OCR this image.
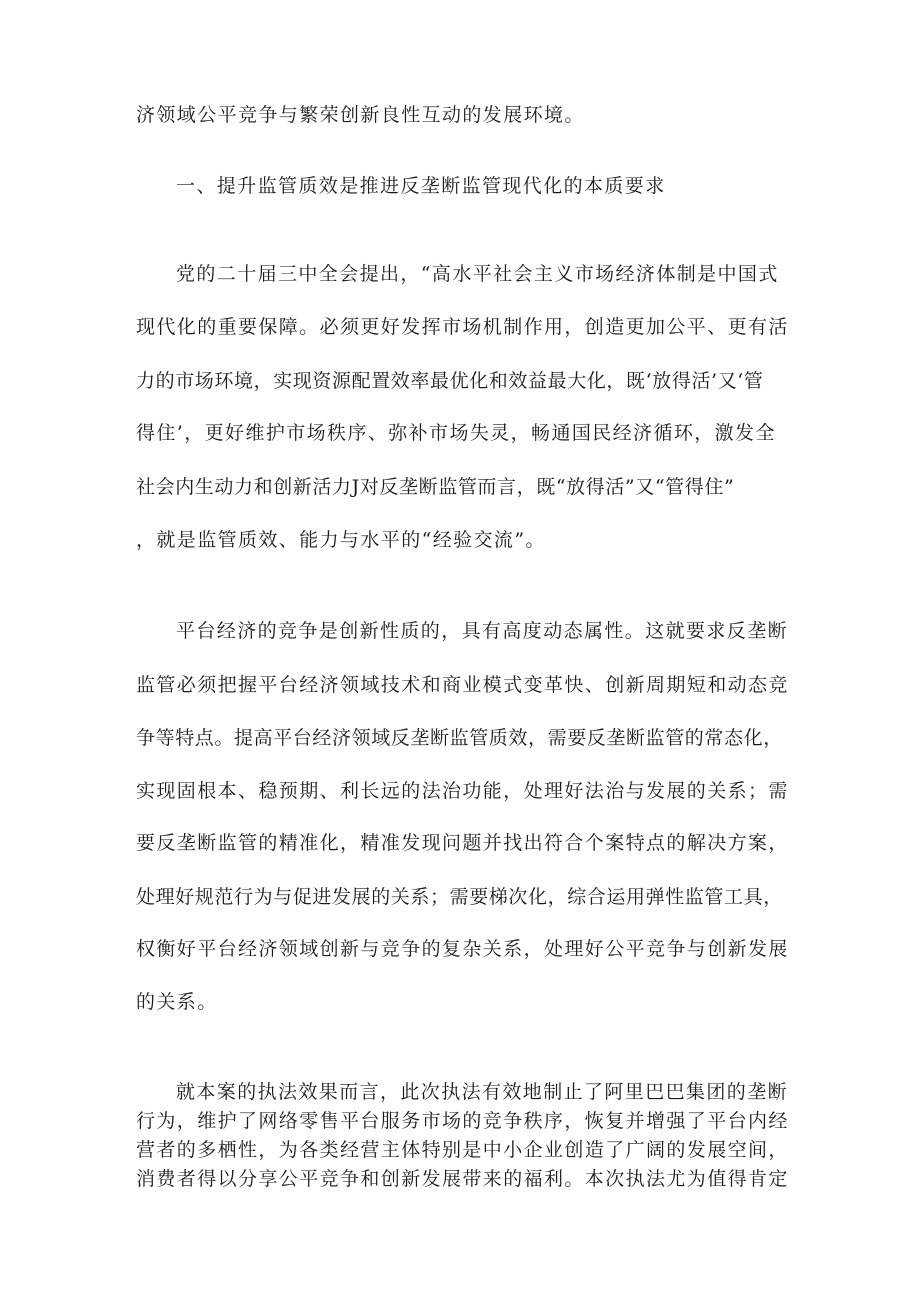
济领域公平竞争与繁荣创新良性互动的发展环境。
一、提升监管质效是推进反垄断监管现代化的本质要求
党的二十届三中全会提出，“高水平社会主义市场经济体制是中国式
现代化的重要保障。必须更好发挥市场机制作用，创造更加公平、更有活
力的市场环境，实现资源配置效率最优化和效益最大化，既‘放得活’又‘管
得住’，更好维护市场秩序、弥补市场失灵，畅通国民经济循环，激发全
社会内生动力和创新活力J对反垄断监管而言，既“放得活”又“管得住”
，就是监管质效、能力与水平的“经验交流”。
平台经济的竞争是创新性质的，具有高度动态属性。这就要求反垄断
监管必须把握平台经济领域技术和商业模式变革快、创新周期短和动态竞
争等特点。提高平台经济领域反垄断监管质效，需要反垄断监管的常态化，
实现固根本、稳预期、利长远的法治功能，处理好法治与发展的关系；需
要反垄断监管的精准化，精准发现问题并找出符合个案特点的解决方案，
处理好规范行为与促进发展的关系；需要梯次化，综合运用弹性监管工具，
权衡好平台经济领域创新与竞争的复杂关系，处理好公平竞争与创新发展
的关系。
就本案的执法效果而言，此次执法有效地制止了阿里巴巴集团的垄断
行为，维护了网络零售平台服务市场的竞争秩序，恢复并增强了平台内经
营者的多栖性，为各类经营主体特别是中小企业创造了广阔的发展空间，
消费者得以分享公平竞争和创新发展带来的福利。本次执法尤为值得肯定
